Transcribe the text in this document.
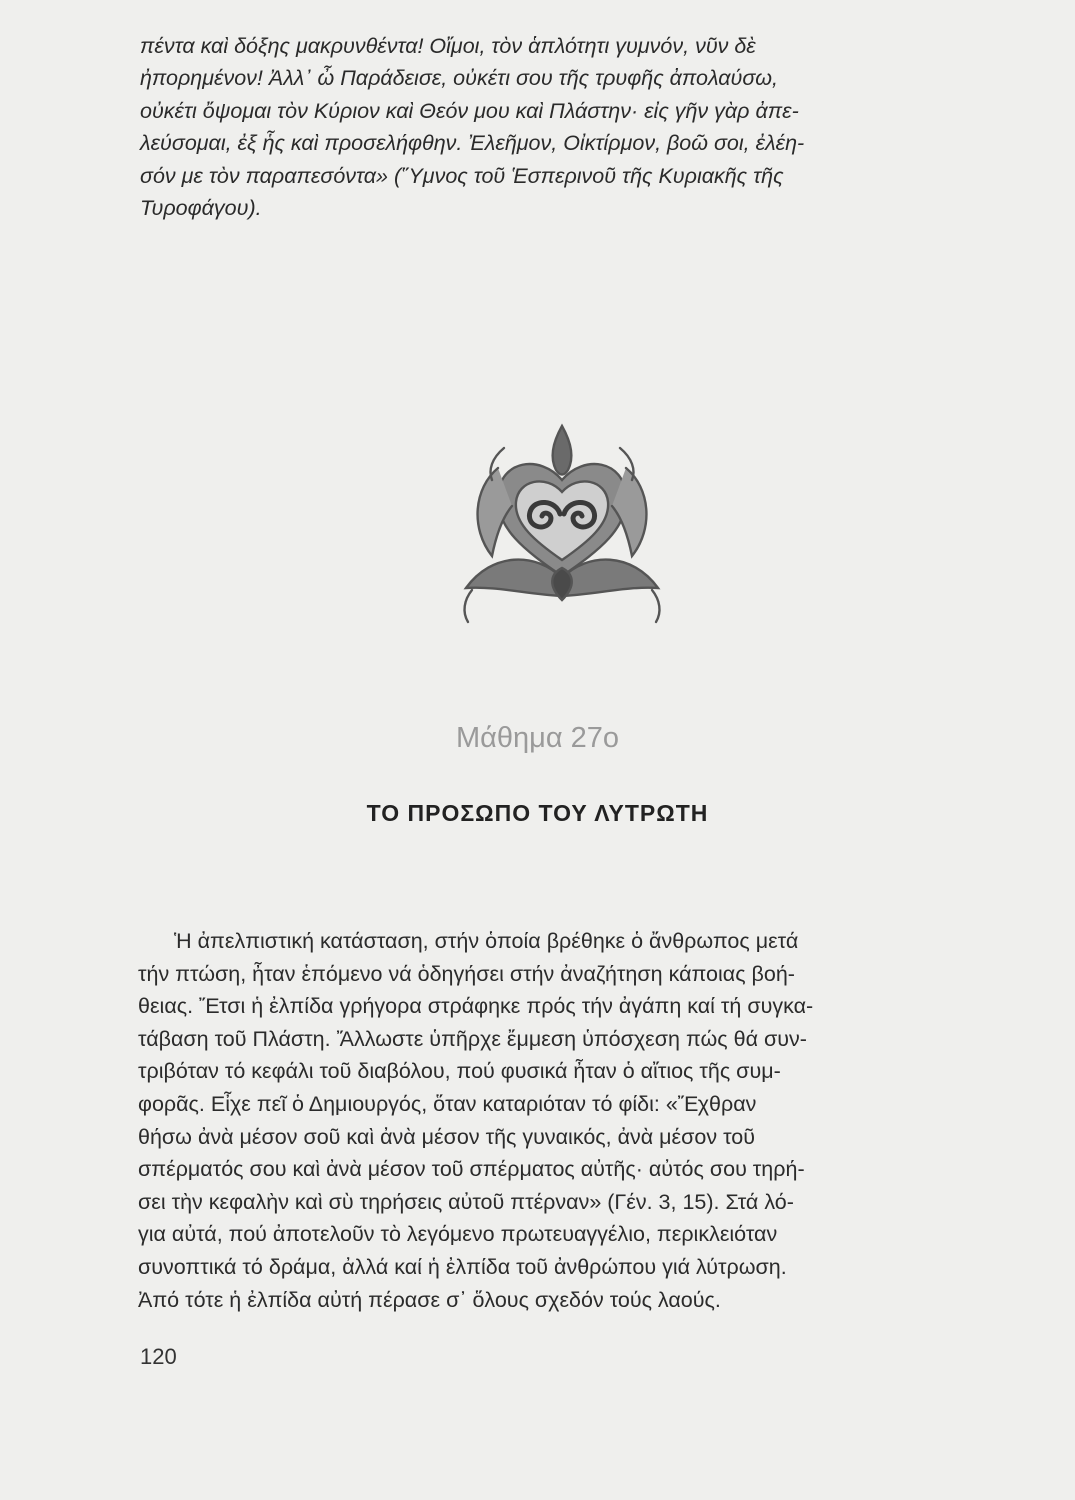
πέντα καὶ δόξης μακρυνθέντα! Οἴμοι, τὸν ἁπλότητι γυμνόν, νῦν δὲ
ἠπορημένον! Ἀλλ᾽ ὦ Παράδεισε, οὐκέτι σου τῆς τρυφῆς ἀπολαύσω,
οὐκέτι ὄψομαι τὸν Κύριον καὶ Θεόν μου καὶ Πλάστην· εἰς γῆν γὰρ ἀπε-
λεύσομαι, ἐξ ἧς καὶ προσελήφθην. Ἐλεῆμον, Οἰκτίρμον, βοῶ σοι, ἐλέη-
σόν με τὸν παραπεσόντα» (Ὕμνος τοῦ Ἑσπερινοῦ τῆς Κυριακῆς τῆς
Τυροφάγου).
Μάθημα 27ο
ΤΟ ΠΡΟΣΩΠΟ ΤΟΥ ΛΥΤΡΩΤΗ
Ἡ ἀπελπιστική κατάσταση, στήν ὁποία βρέθηκε ὁ ἄνθρωπος μετά
τήν πτώση, ἦταν ἑπόμενο νά ὁδηγήσει στήν ἀναζήτηση κάποιας βοή-
θειας. Ἔτσι ἡ ἐλπίδα γρήγορα στράφηκε πρός τήν ἀγάπη καί τή συγκα-
τάβαση τοῦ Πλάστη. Ἄλλωστε ὑπῆρχε ἔμμεση ὑπόσχεση πώς θά συν-
τριβόταν τό κεφάλι τοῦ διαβόλου, πού φυσικά ἦταν ὁ αἴτιος τῆς συμ-
φορᾶς. Εἶχε πεῖ ὁ Δημιουργός, ὅταν καταριόταν τό φίδι: «Ἔχθραν
θήσω ἀνὰ μέσον σοῦ καὶ ἀνὰ μέσον τῆς γυναικός, ἀνὰ μέσον τοῦ
σπέρματός σου καὶ ἀνὰ μέσον τοῦ σπέρματος αὐτῆς· αὐτός σου τηρή-
σει τὴν κεφαλὴν καὶ σὺ τηρήσεις αὐτοῦ πτέρναν» (Γέν. 3, 15). Στά λό-
για αὐτά, πού ἀποτελοῦν τὸ λεγόμενο πρωτευαγγέλιο, περικλειόταν
συνοπτικά τό δράμα, ἀλλά καί ἡ ἐλπίδα τοῦ ἀνθρώπου γιά λύτρωση.
Ἀπό τότε ἡ ἐλπίδα αὐτή πέρασε σ᾽ ὅλους σχεδόν τούς λαούς.
120
